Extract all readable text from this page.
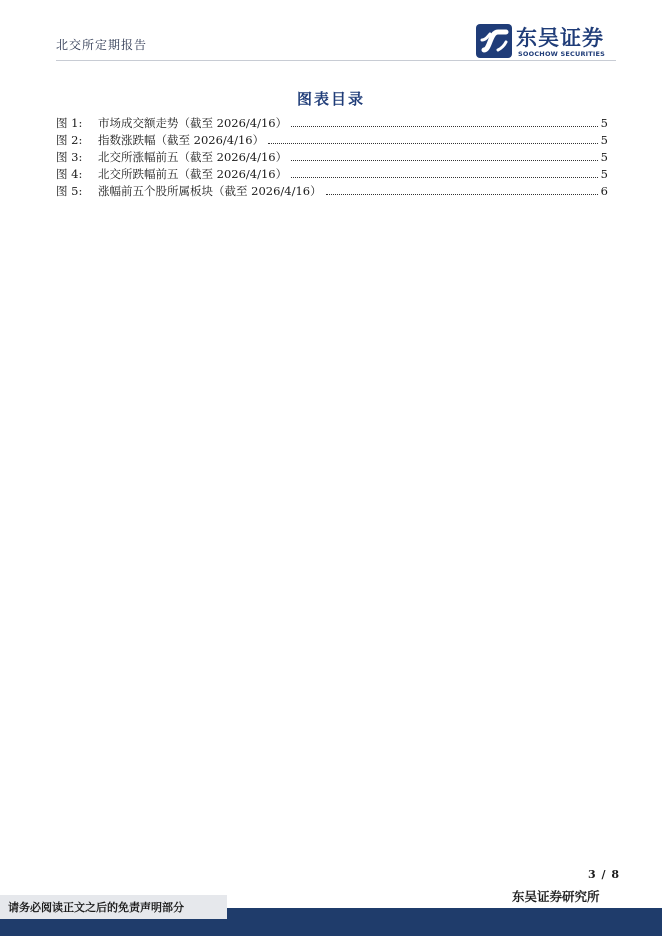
北交所定期报告	东吴证券
SOOCHOW SECURITIES
图表目录
图 1:	市场成交额走势（截至 2026/4/16）	5
图 2:	指数涨跌幅（截至 2026/4/16）	5
图 3:	北交所涨幅前五（截至 2026/4/16）	5
图 4:	北交所跌幅前五（截至 2026/4/16）	5
图 5:	涨幅前五个股所属板块（截至 2026/4/16）	6
3 / 8
东吴证券研究所
请务必阅读正文之后的免责声明部分
